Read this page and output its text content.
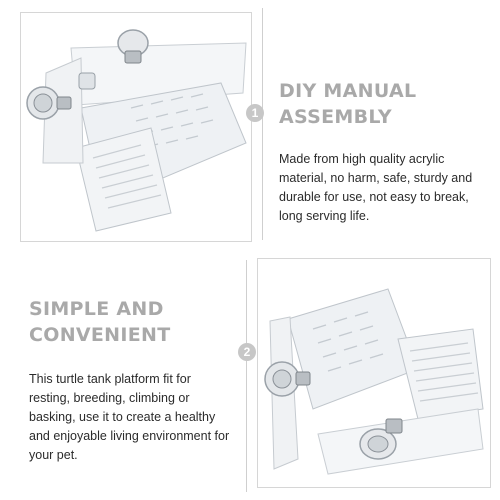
1
DIY MANUAL
ASSEMBLY
Made from high quality acrylic material, no harm, safe, sturdy and durable for use, not easy to break, long serving life.
SIMPLE AND
CONVENIENT
This turtle tank platform fit for resting, breeding, climbing or basking, use it to create a healthy and enjoyable living environment for your pet.
2
